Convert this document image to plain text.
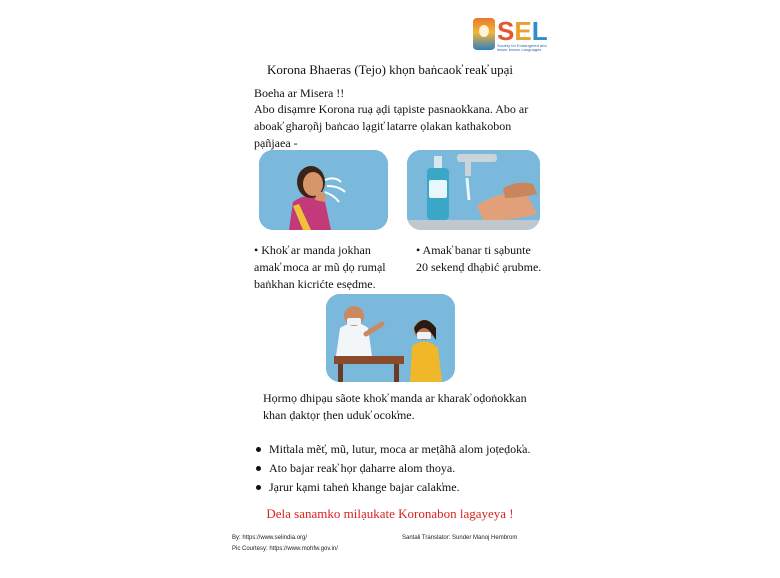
SEL
Society for Endangered and lesser known Languages
Korona Bhaeras (Tejo) khọn baṅcaok̕ reak̕ upại
Boeha ar Misera !!
Abo disạmre Korona ruạ ạḍi tạpiste pasnaok̕kana. Abo ar aboak̕ gharọñj baṅcao lạgit̕ latarre ọlakan kathakobon pạñjaea -
• Khok̕ ar manda jokhan amak̕ moca ar mũ ḍọ rumạl baṅkhan kicrićte esẹdme.
• Amak̕ banar ti sạbunte 20 sekenḍ dhạbić ạrubme.
Họrmọ dhipạu sãote khok̕ manda ar kharak̕ oḍoṅok̕kan khan ḍaktọr ṭhen uduk̕ ocok̕me.
Mit̕tala mẽt̕, mũ, lutur, moca ar meṭãhã alom joṭeḍok̕a.
Ato bajar reak̕ họr ḍaharre alom thoya.
Jạrur kạmi taheṅ khange bajar calak̕me.
Dela sanamko milạukate Koronabon lagayeya !
By: https://www.selindia.org/	Santali Translator: Sunder Manoj Hembrom
Pic Courtesy: https://www.mohfw.gov.in/
